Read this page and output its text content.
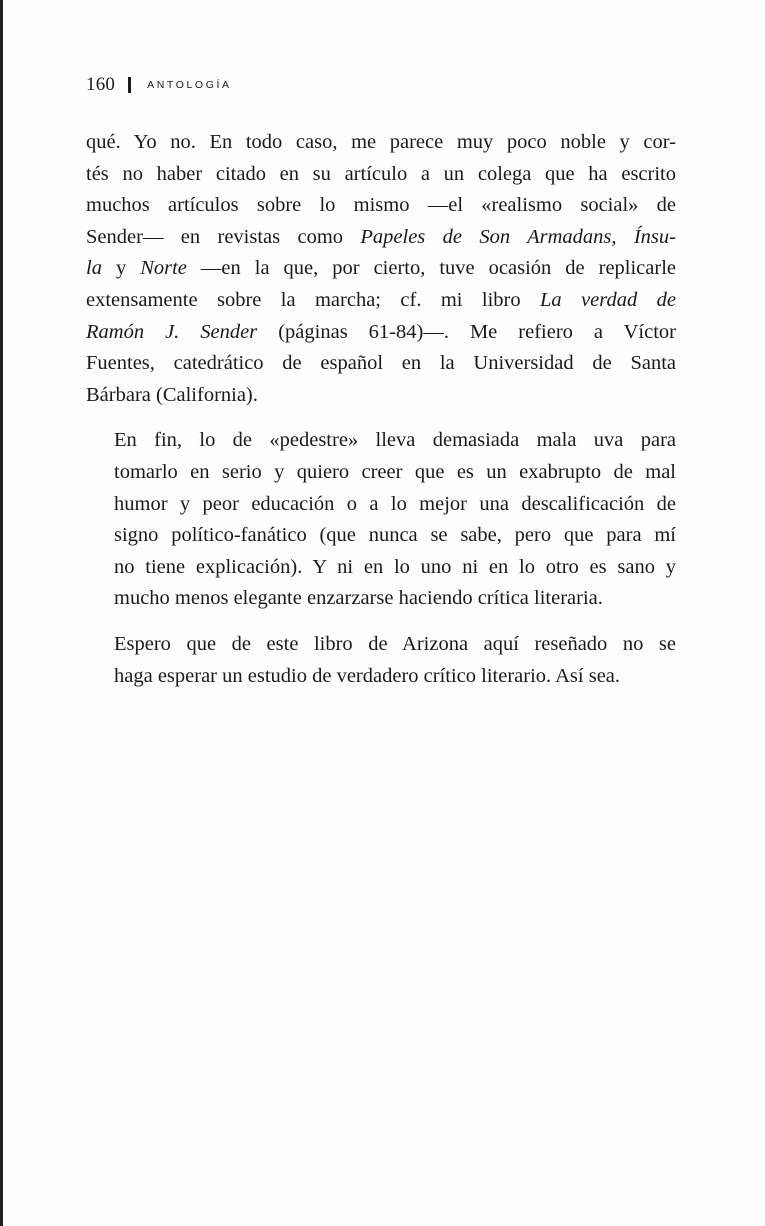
160	ANTOLOGÍA

qué. Yo no. En todo caso, me parece muy poco noble y cor-
tés no haber citado en su artículo a un colega que ha escrito
muchos artículos sobre lo mismo —el «realismo social» de
Sender— en revistas como Papeles de Son Armadans, Ínsu-
la y Norte —en la que, por cierto, tuve ocasión de replicarle
extensamente sobre la marcha; cf. mi libro La verdad de
Ramón J. Sender (páginas 61-84)—. Me refiero a Víctor
Fuentes, catedrático de español en la Universidad de Santa
Bárbara (California).

En fin, lo de «pedestre» lleva demasiada mala uva para
tomarlo en serio y quiero creer que es un exabrupto de mal
humor y peor educación o a lo mejor una descalificación de
signo político-fanático (que nunca se sabe, pero que para mí
no tiene explicación). Y ni en lo uno ni en lo otro es sano y
mucho menos elegante enzarzarse haciendo crítica literaria.

Espero que de este libro de Arizona aquí reseñado no se
haga esperar un estudio de verdadero crítico literario. Así sea.
